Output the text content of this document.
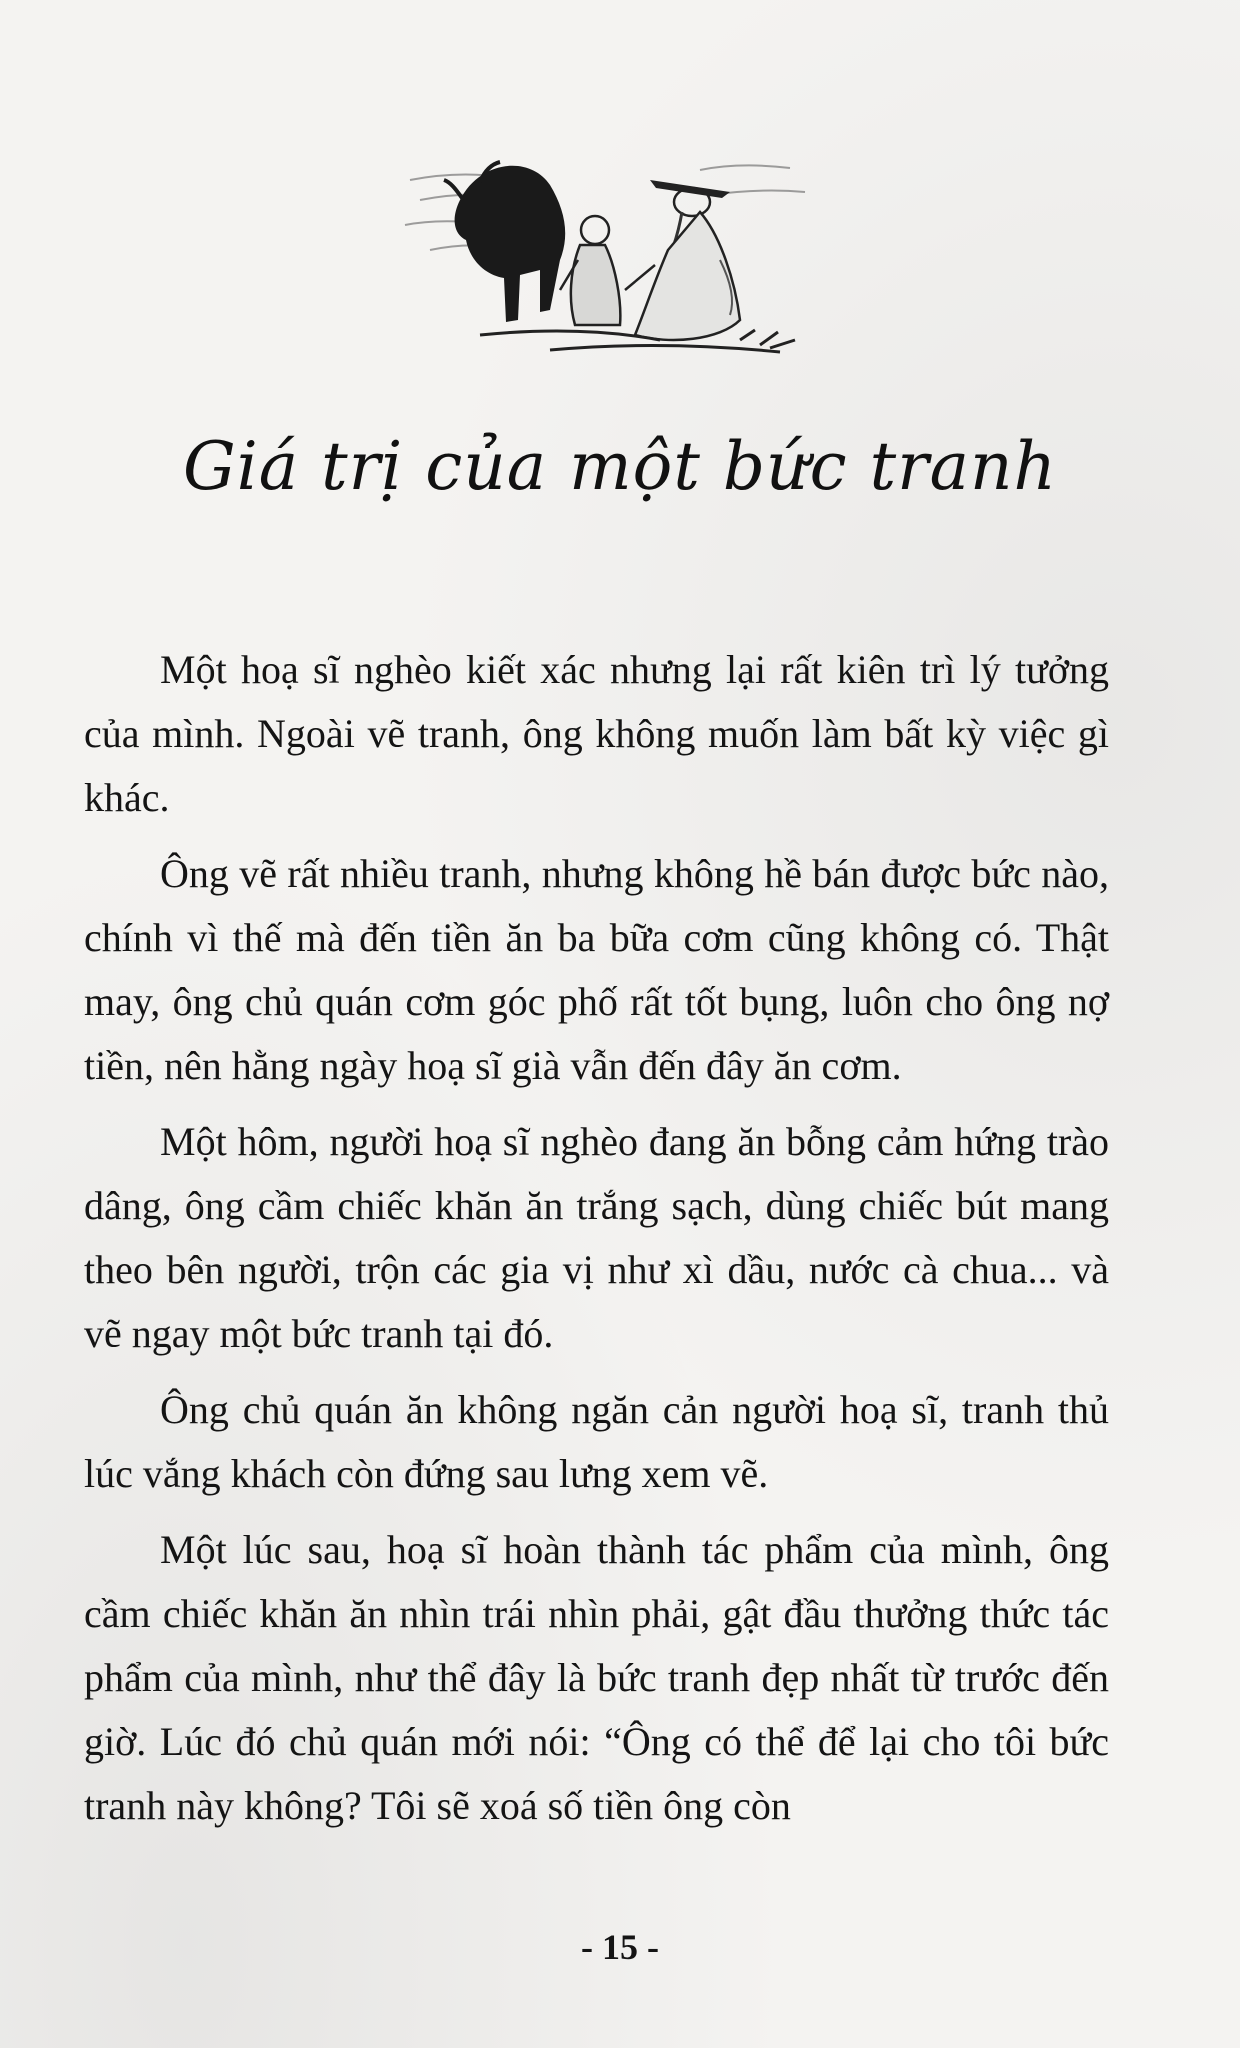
Giá trị của một bức tranh

Một hoạ sĩ nghèo kiết xác nhưng lại rất kiên trì lý tưởng của mình. Ngoài vẽ tranh, ông không muốn làm bất kỳ việc gì khác.

Ông vẽ rất nhiều tranh, nhưng không hề bán được bức nào, chính vì thế mà đến tiền ăn ba bữa cơm cũng không có. Thật may, ông chủ quán cơm góc phố rất tốt bụng, luôn cho ông nợ tiền, nên hằng ngày hoạ sĩ già vẫn đến đây ăn cơm.

Một hôm, người hoạ sĩ nghèo đang ăn bỗng cảm hứng trào dâng, ông cầm chiếc khăn ăn trắng sạch, dùng chiếc bút mang theo bên người, trộn các gia vị như xì dầu, nước cà chua... và vẽ ngay một bức tranh tại đó.

Ông chủ quán ăn không ngăn cản người hoạ sĩ, tranh thủ lúc vắng khách còn đứng sau lưng xem vẽ.

Một lúc sau, hoạ sĩ hoàn thành tác phẩm của mình, ông cầm chiếc khăn ăn nhìn trái nhìn phải, gật đầu thưởng thức tác phẩm của mình, như thể đây là bức tranh đẹp nhất từ trước đến giờ. Lúc đó chủ quán mới nói: “Ông có thể để lại cho tôi bức tranh này không? Tôi sẽ xoá số tiền ông còn

- 15 -
